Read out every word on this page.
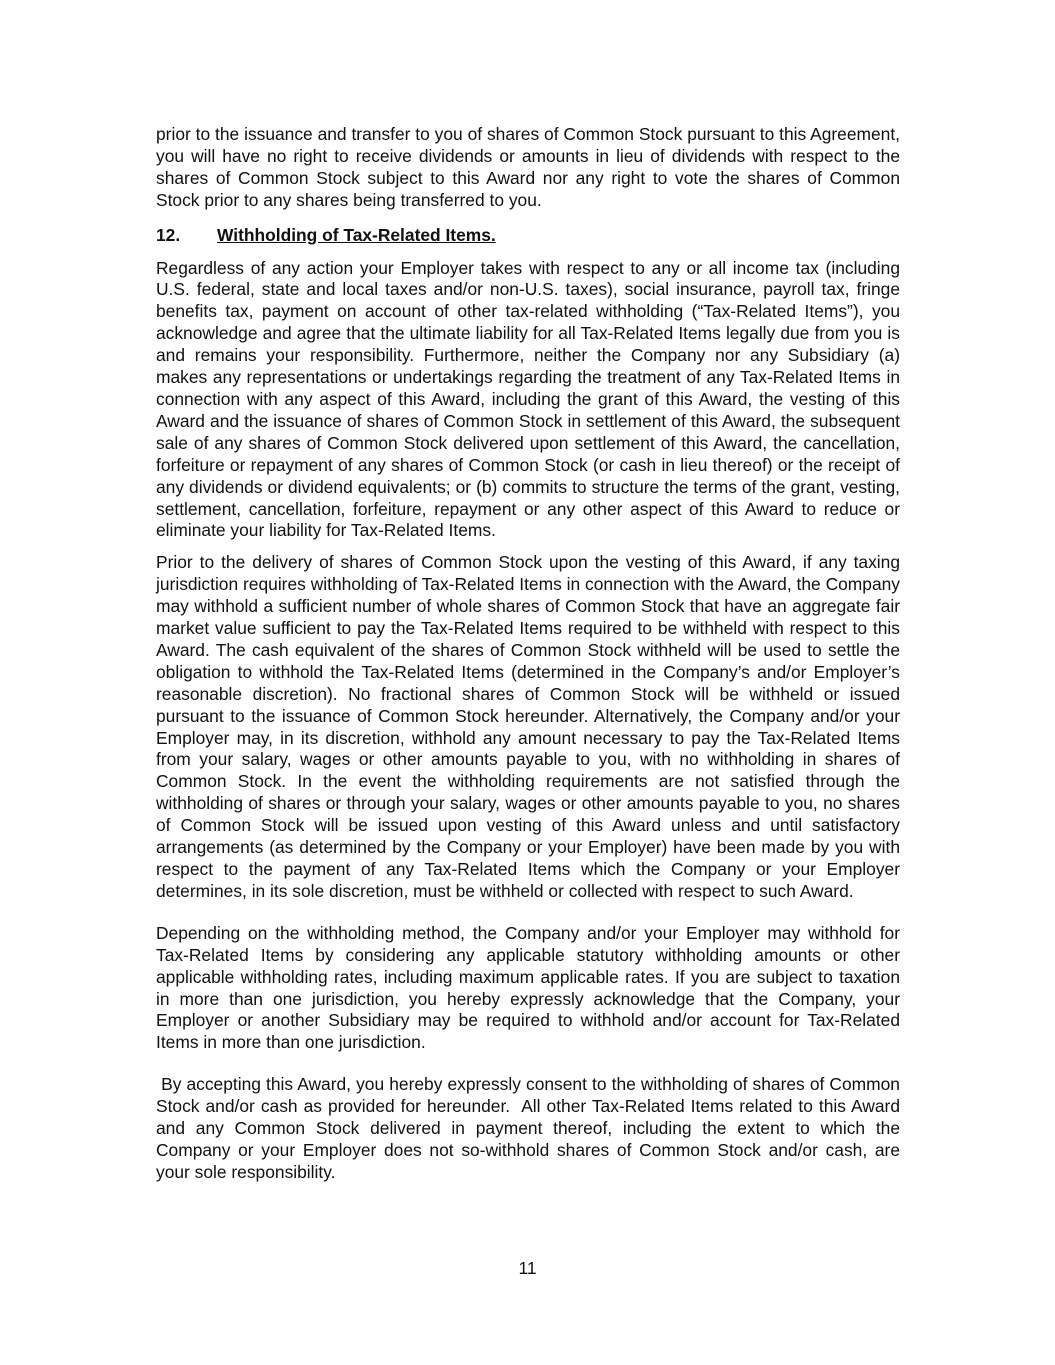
prior to the issuance and transfer to you of shares of Common Stock pursuant to this Agreement, you will have no right to receive dividends or amounts in lieu of dividends with respect to the shares of Common Stock subject to this Award nor any right to vote the shares of Common Stock prior to any shares being transferred to you.

12.	Withholding of Tax-Related Items.

Regardless of any action your Employer takes with respect to any or all income tax (including U.S. federal, state and local taxes and/or non-U.S. taxes), social insurance, payroll tax, fringe benefits tax, payment on account of other tax-related withholding (“Tax-Related Items”), you acknowledge and agree that the ultimate liability for all Tax-Related Items legally due from you is and remains your responsibility. Furthermore, neither the Company nor any Subsidiary (a) makes any representations or undertakings regarding the treatment of any Tax-Related Items in connection with any aspect of this Award, including the grant of this Award, the vesting of this Award and the issuance of shares of Common Stock in settlement of this Award, the subsequent sale of any shares of Common Stock delivered upon settlement of this Award, the cancellation, forfeiture or repayment of any shares of Common Stock (or cash in lieu thereof) or the receipt of any dividends or dividend equivalents; or (b) commits to structure the terms of the grant, vesting, settlement, cancellation, forfeiture, repayment or any other aspect of this Award to reduce or eliminate your liability for Tax-Related Items.

Prior to the delivery of shares of Common Stock upon the vesting of this Award, if any taxing jurisdiction requires withholding of Tax-Related Items in connection with the Award, the Company may withhold a sufficient number of whole shares of Common Stock that have an aggregate fair market value sufficient to pay the Tax-Related Items required to be withheld with respect to this Award. The cash equivalent of the shares of Common Stock withheld will be used to settle the obligation to withhold the Tax-Related Items (determined in the Company’s and/or Employer’s reasonable discretion). No fractional shares of Common Stock will be withheld or issued pursuant to the issuance of Common Stock hereunder. Alternatively, the Company and/or your Employer may, in its discretion, withhold any amount necessary to pay the Tax-Related Items from your salary, wages or other amounts payable to you, with no withholding in shares of Common Stock. In the event the withholding requirements are not satisfied through the withholding of shares or through your salary, wages or other amounts payable to you, no shares of Common Stock will be issued upon vesting of this Award unless and until satisfactory arrangements (as determined by the Company or your Employer) have been made by you with respect to the payment of any Tax-Related Items which the Company or your Employer determines, in its sole discretion, must be withheld or collected with respect to such Award.

Depending on the withholding method, the Company and/or your Employer may withhold for Tax-Related Items by considering any applicable statutory withholding amounts or other applicable withholding rates, including maximum applicable rates. If you are subject to taxation in more than one jurisdiction, you hereby expressly acknowledge that the Company, your Employer or another Subsidiary may be required to withhold and/or account for Tax-Related Items in more than one jurisdiction.

By accepting this Award, you hereby expressly consent to the withholding of shares of Common Stock and/or cash as provided for hereunder.  All other Tax-Related Items related to this Award and any Common Stock delivered in payment thereof, including the extent to which the Company or your Employer does not so-withhold shares of Common Stock and/or cash, are your sole responsibility.

11
